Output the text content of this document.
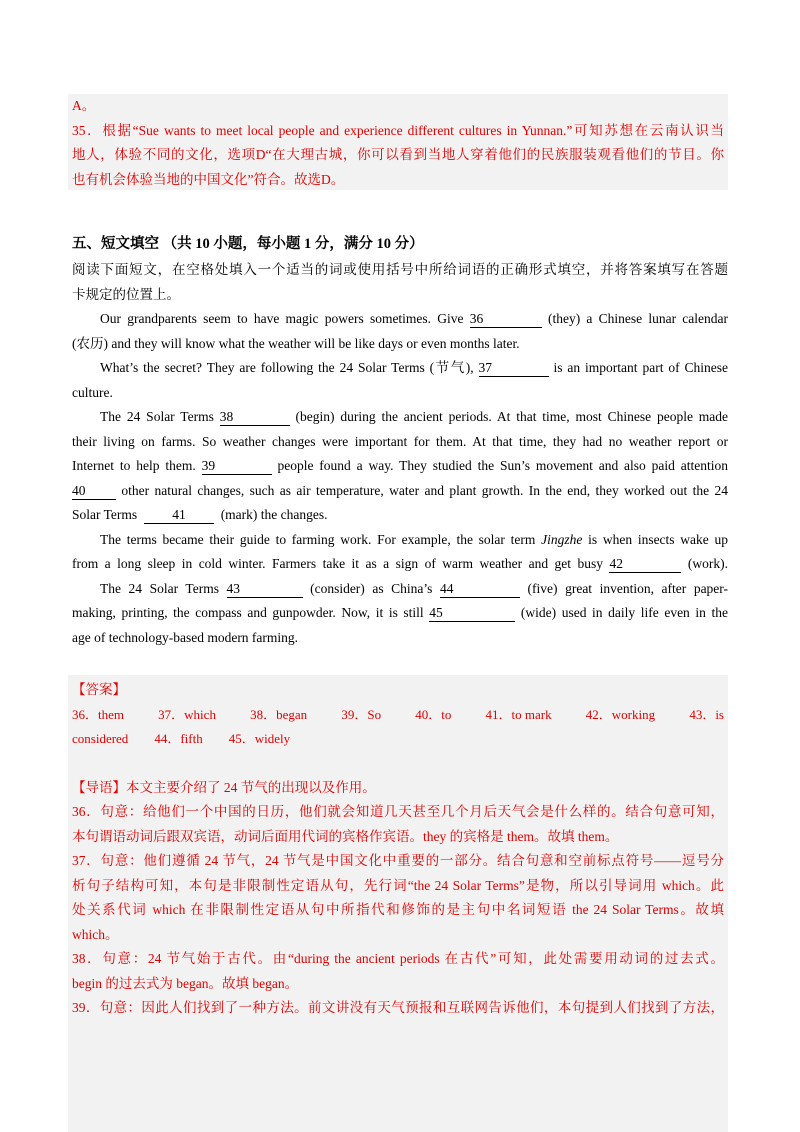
A。
35．根据“Sue wants to meet local people and experience different cultures in Yunnan.”可知苏想在云南认识当
地人，体验不同的文化，选项D“在大理古城，你可以看到当地人穿着他们的民族服装观看他们的节目。你
也有机会体验当地的中国文化”符合。故选D。
五、短文填空 （共 10 小题，每小题 1 分，满分 10 分）
阅读下面短文，在空格处填入一个适当的词或使用括号中所给词语的正确形式填空，并将答案填写在答题
卡规定的位置上。
Our grandparents seem to have magic powers sometimes. Give 36	(they) a Chinese lunar calendar
(农历) and they will know what the weather will be like days or even months later.
What’s the secret? They are following the 24 Solar Terms (节气), 37	is an important part of Chinese
culture.
The 24 Solar Terms 38	(begin) during the ancient periods. At that time, most Chinese people made
their living on farms. So weather changes were important for them. At that time, they had no weather report or
Internet to help them. 39	people found a way. They studied the Sun’s movement and also paid attention
40	other natural changes, such as air temperature, water and plant growth. In the end, they worked out the 24
Solar Terms	41	(mark) the changes.
The terms became their guide to farming work. For example, the solar term Jingzhe is when insects wake up
from a long sleep in cold winter. Farmers take it as a sign of warm weather and get busy 42	(work).
The 24 Solar Terms 43	(consider) as China’s 44	(five) great invention, after paper-
making, printing, the compass and gunpowder. Now, it is still 45	(wide) used in daily life even in the
age of technology-based modern farming.
【答案】
36．them	37．which	38．began	39．So	40．to	41．to mark	42．working	43．is
considered 44．fifth 45．widely
【导语】本文主要介绍了 24 节气的出现以及作用。
36．句意：给他们一个中国的日历，他们就会知道几天甚至几个月后天气会是什么样的。结合句意可知，
本句谓语动词后跟双宾语，动词后面用代词的宾格作宾语。they 的宾格是 them。故填 them。
37．句意：他们遵循 24 节气，24 节气是中国文化中重要的一部分。结合句意和空前标点符号——逗号分
析句子结构可知，本句是非限制性定语从句，先行词“the 24 Solar Terms”是物，所以引导词用 which。此
处关系代词 which 在非限制性定语从句中所指代和修饰的是主句中名词短语 the 24 Solar Terms。故填
which。
38．句意：24 节气始于古代。由“during the ancient periods 在古代”可知，此处需要用动词的过去式。
begin 的过去式为 began。故填 began。
39．句意：因此人们找到了一种方法。前文讲没有天气预报和互联网告诉他们，本句提到人们找到了方法，
